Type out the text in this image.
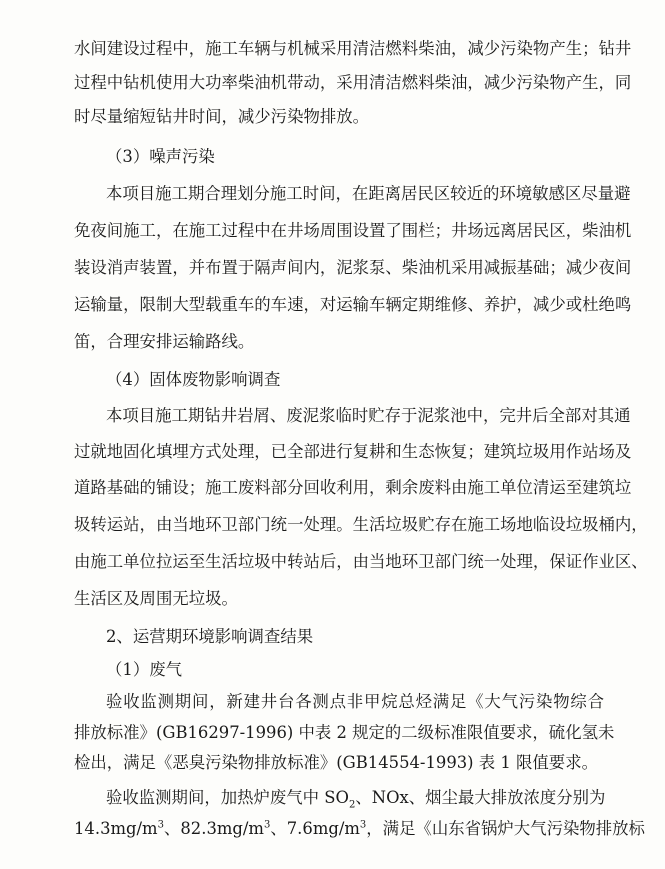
水间建设过程中，施工车辆与机械采用清洁燃料柴油，减少污染物产生；钻井

过程中钻机使用大功率柴油机带动，采用清洁燃料柴油，减少污染物产生，同

时尽量缩短钻井时间，减少污染物排放。

（3）噪声污染

本项目施工期合理划分施工时间，在距离居民区较近的环境敏感区尽量避

免夜间施工，在施工过程中在井场周围设置了围栏；井场远离居民区，柴油机

装设消声装置，并布置于隔声间内，泥浆泵、柴油机采用减振基础；减少夜间

运输量，限制大型载重车的车速，对运输车辆定期维修、养护，减少或杜绝鸣

笛，合理安排运输路线。

（4）固体废物影响调查

本项目施工期钻井岩屑、废泥浆临时贮存于泥浆池中，完井后全部对其通

过就地固化填埋方式处理，已全部进行复耕和生态恢复；建筑垃圾用作站场及

道路基础的铺设；施工废料部分回收利用，剩余废料由施工单位清运至建筑垃

圾转运站，由当地环卫部门统一处理。生活垃圾贮存在施工场地临设垃圾桶内，

由施工单位拉运至生活垃圾中转站后，由当地环卫部门统一处理，保证作业区、

生活区及周围无垃圾。

2、运营期环境影响调查结果

（1）废气

验收监测期间，新建井台各测点非甲烷总烃满足《大气污染物综合

排放标准》(GB16297-1996) 中表 2 规定的二级标准限值要求，硫化氢未

检出，满足《恶臭污染物排放标准》(GB14554-1993) 表 1 限值要求。

验收监测期间，加热炉废气中 $SO_2$、NOx、烟尘最大排放浓度分别为

$14.3mg/m^3$、$82.3mg/m^3$、$7.6mg/m^3$，满足《山东省锅炉大气污染物排放标
